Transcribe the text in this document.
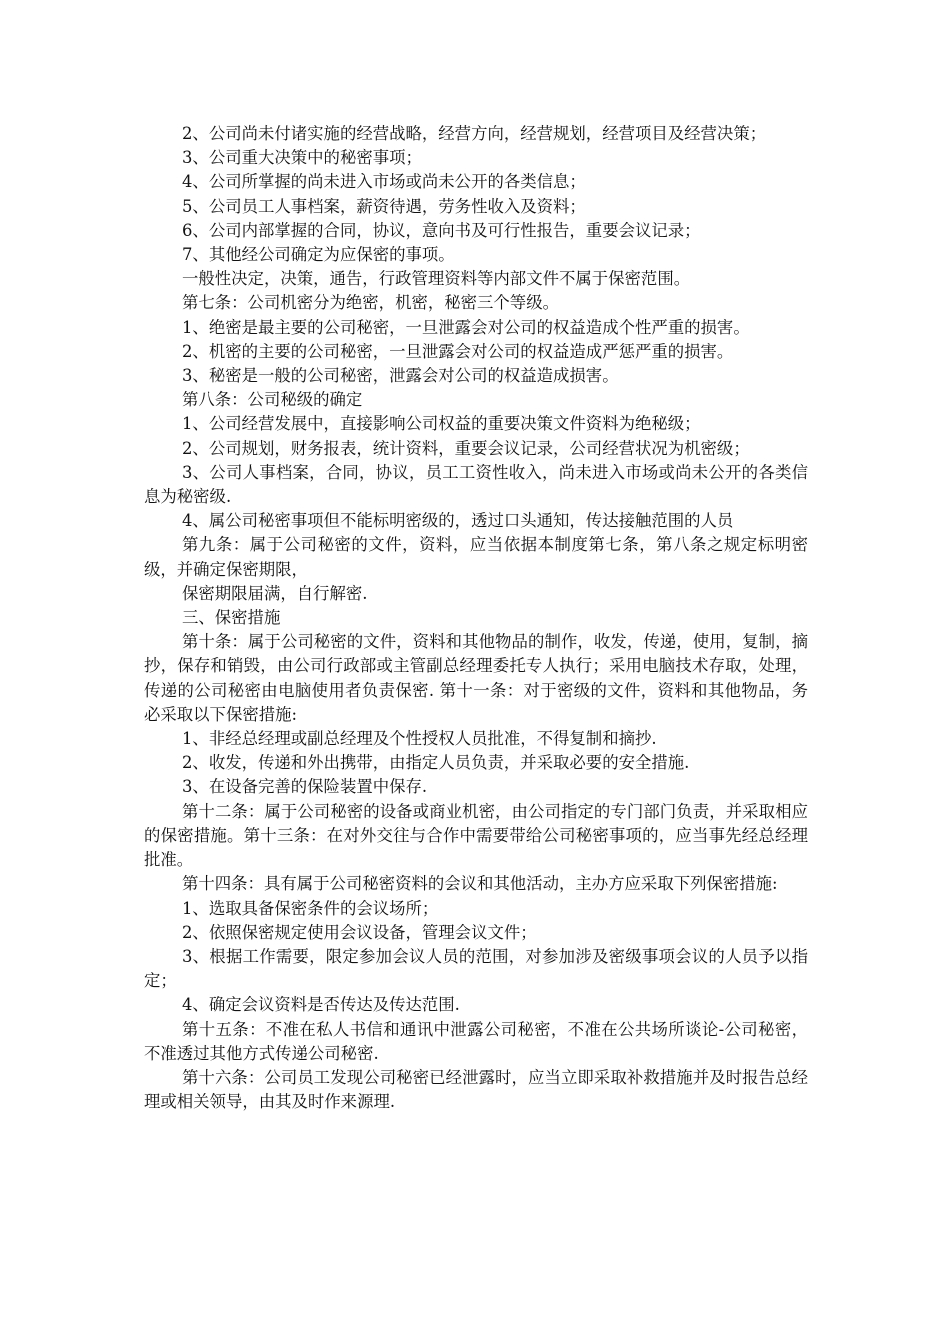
2、公司尚未付诸实施的经营战略，经营方向，经营规划，经营项目及经营决策；

3、公司重大决策中的秘密事项；

4、公司所掌握的尚未进入市场或尚未公开的各类信息；

5、公司员工人事档案，薪资待遇，劳务性收入及资料；

6、公司内部掌握的合同，协议，意向书及可行性报告，重要会议记录；

7、其他经公司确定为应保密的事项。

一般性决定，决策，通告，行政管理资料等内部文件不属于保密范围。

第七条：公司机密分为绝密，机密，秘密三个等级。

1、绝密是最主要的公司秘密，一旦泄露会对公司的权益造成个性严重的损害。

2、机密的主要的公司秘密，一旦泄露会对公司的权益造成严惩严重的损害。

3、秘密是一般的公司秘密，泄露会对公司的权益造成损害。

第八条：公司秘级的确定

1、公司经营发展中，直接影响公司权益的重要决策文件资料为绝秘级；

2、公司规划，财务报表，统计资料，重要会议记录，公司经营状况为机密级；

3、公司人事档案，合同，协议，员工工资性收入，尚未进入市场或尚未公开的各类信息为秘密级.

4、属公司秘密事项但不能标明密级的，透过口头通知，传达接触范围的人员

第九条：属于公司秘密的文件，资料，应当依据本制度第七条，第八条之规定标明密级，并确定保密期限，

保密期限届满，自行解密.

三、保密措施

第十条：属于公司秘密的文件，资料和其他物品的制作，收发，传递，使用，复制，摘抄，保存和销毁，由公司行政部或主管副总经理委托专人执行；采用电脑技术存取，处理，传递的公司秘密由电脑使用者负责保密. 第十一条：对于密级的文件，资料和其他物品，务必采取以下保密措施:

1、非经总经理或副总经理及个性授权人员批准，不得复制和摘抄.

2、收发，传递和外出携带，由指定人员负责，并采取必要的安全措施.

3、在设备完善的保险装置中保存.

第十二条：属于公司秘密的设备或商业机密，由公司指定的专门部门负责，并采取相应的保密措施。第十三条：在对外交往与合作中需要带给公司秘密事项的，应当事先经总经理批准。

第十四条：具有属于公司秘密资料的会议和其他活动，主办方应采取下列保密措施:

1、选取具备保密条件的会议场所；

2、依照保密规定使用会议设备，管理会议文件；

3、根据工作需要，限定参加会议人员的范围，对参加涉及密级事项会议的人员予以指定；

4、确定会议资料是否传达及传达范围.

第十五条：不准在私人书信和通讯中泄露公司秘密，不准在公共场所谈论-公司秘密，不准透过其他方式传递公司秘密.

第十六条：公司员工发现公司秘密已经泄露时，应当立即采取补救措施并及时报告总经理或相关领导，由其及时作来源理.
